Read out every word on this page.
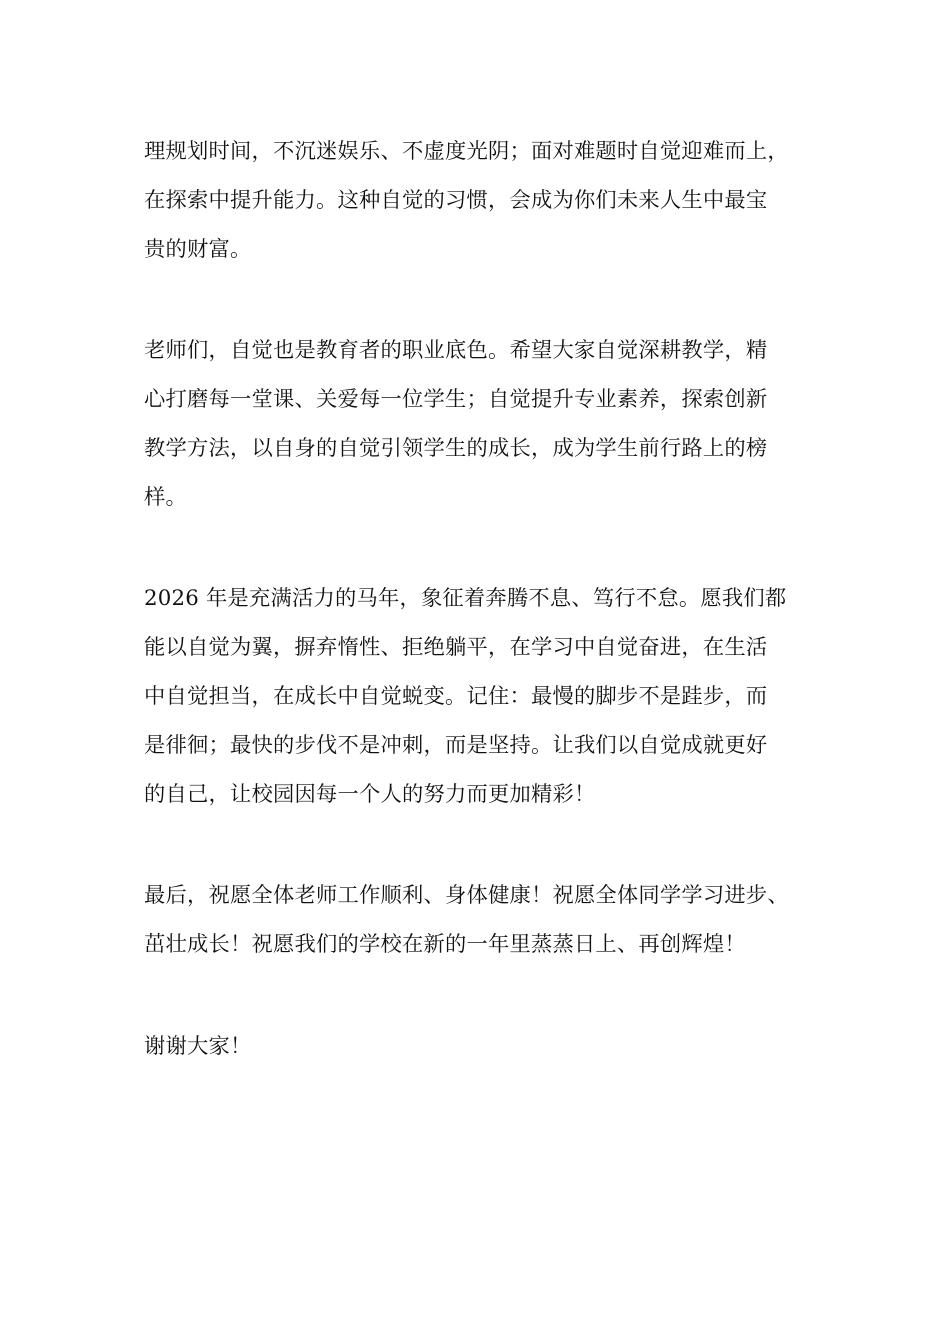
理规划时间，不沉迷娱乐、不虚度光阴；面对难题时自觉迎难而上，
在探索中提升能力。这种自觉的习惯，会成为你们未来人生中最宝
贵的财富。
老师们，自觉也是教育者的职业底色。希望大家自觉深耕教学，精
心打磨每一堂课、关爱每一位学生；自觉提升专业素养，探索创新
教学方法，以自身的自觉引领学生的成长，成为学生前行路上的榜
样。
2026 年是充满活力的马年，象征着奔腾不息、笃行不怠。愿我们都
能以自觉为翼，摒弃惰性、拒绝躺平，在学习中自觉奋进，在生活
中自觉担当，在成长中自觉蜕变。记住：最慢的脚步不是跬步，而
是徘徊；最快的步伐不是冲刺，而是坚持。让我们以自觉成就更好
的自己，让校园因每一个人的努力而更加精彩！
最后，祝愿全体老师工作顺利、身体健康！祝愿全体同学学习进步、
茁壮成长！祝愿我们的学校在新的一年里蒸蒸日上、再创辉煌！
谢谢大家！
